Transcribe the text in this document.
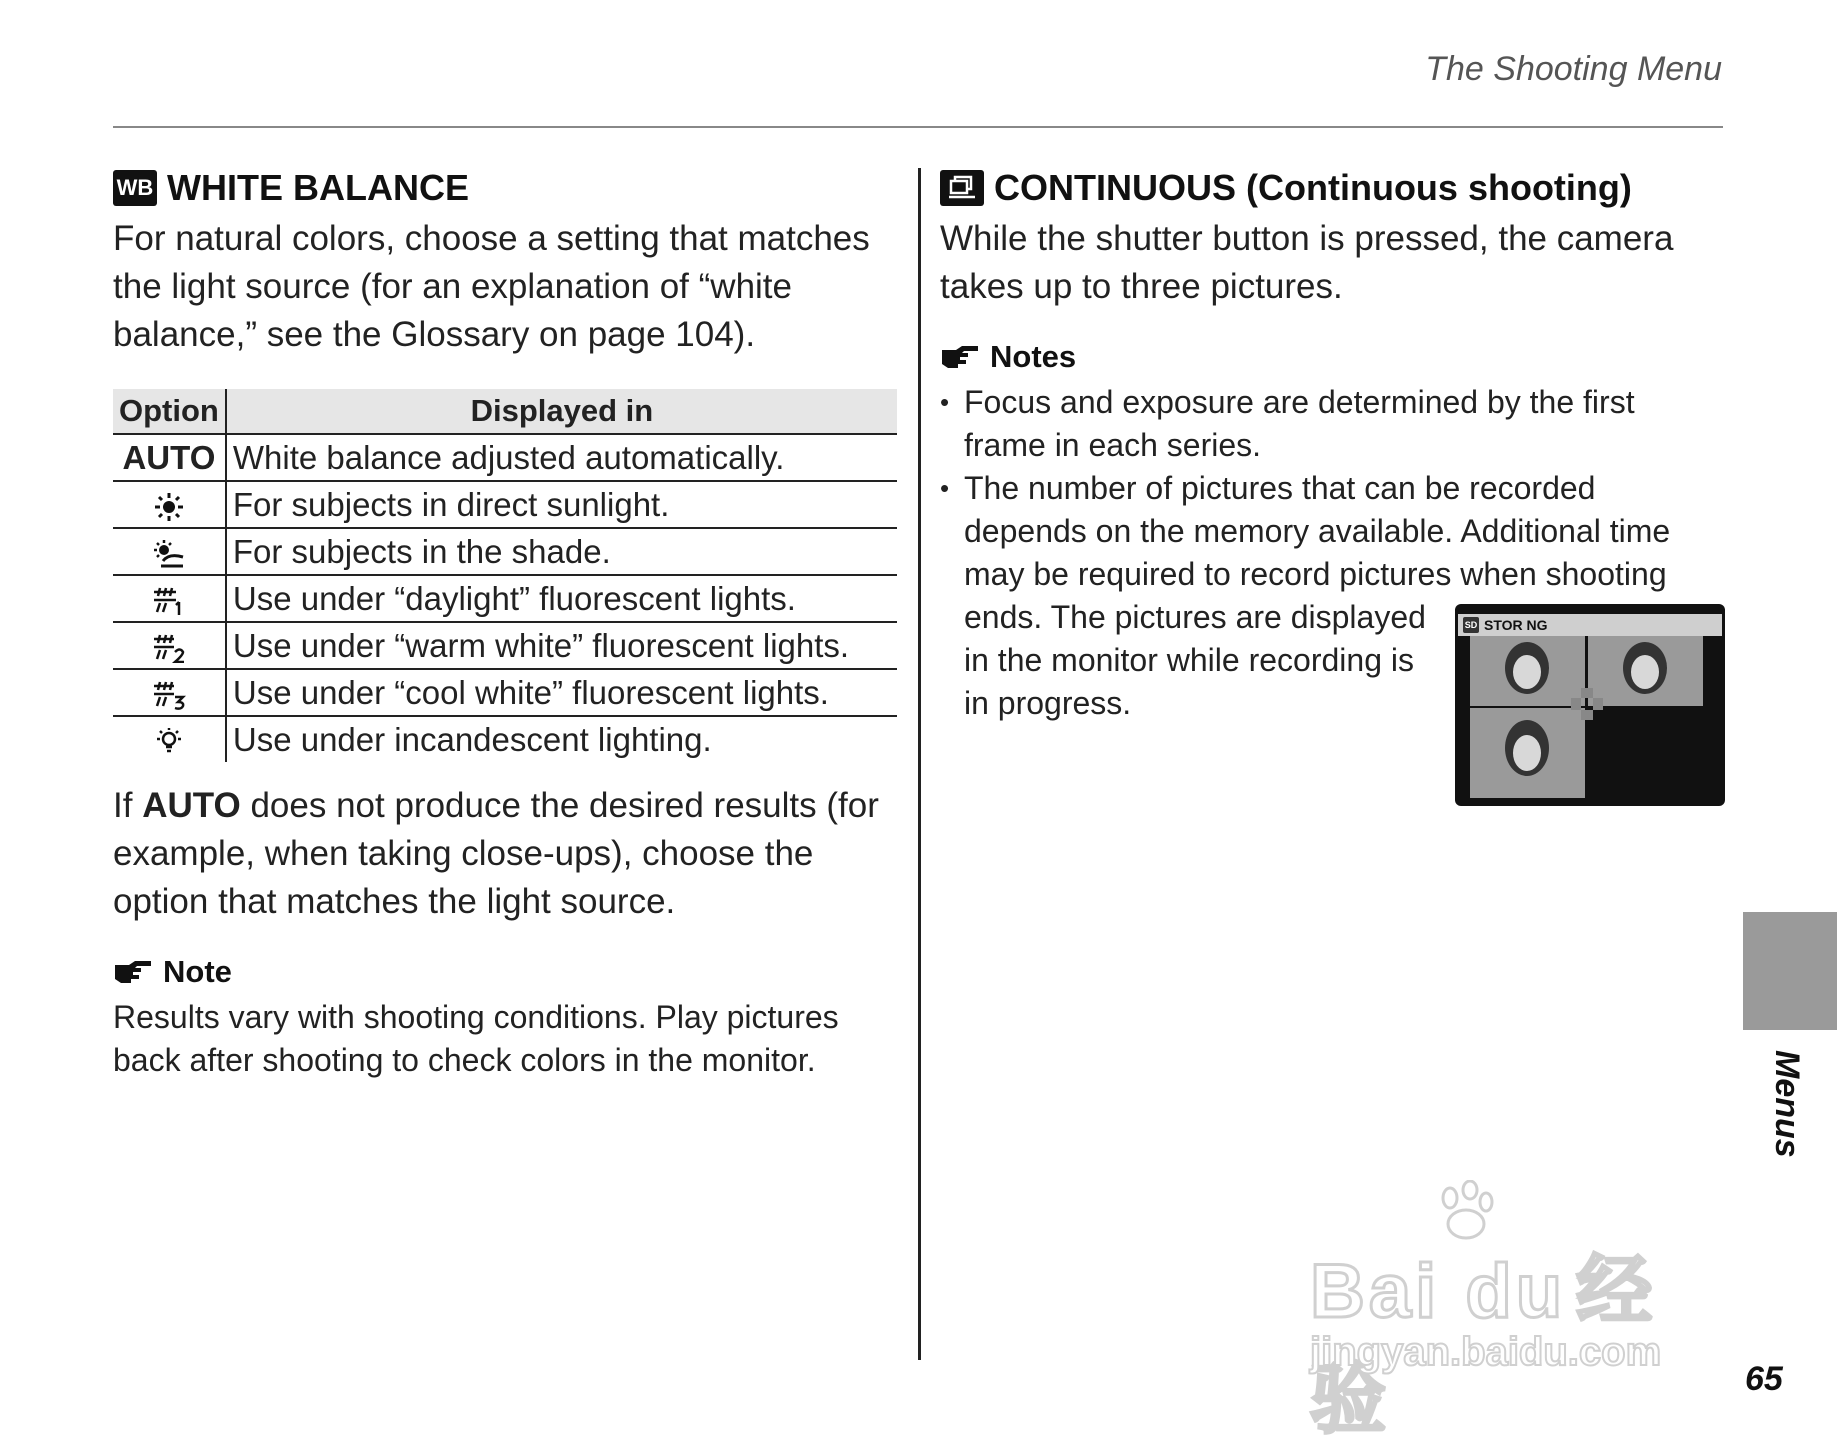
The Shooting Menu
WB WHITE BALANCE

For natural colors, choose a setting that matches the light source (for an explanation of “white balance,” see the Glossary on page 104).

Option	Displayed in
AUTO	White balance adjusted automatically.
	For subjects in direct sunlight.
	For subjects in the shade.
	Use under “daylight” fluorescent lights.
	Use under “warm white” fluorescent lights.
	Use under “cool white” fluorescent lights.
	Use under incandescent lighting.

If AUTO does not produce the desired results (for example, when taking close-ups), choose the option that matches the light source.

Note
Results vary with shooting conditions. Play pictures back after shooting to check colors in the monitor.
CONTINUOUS (Continuous shooting)

While the shutter button is pressed, the camera takes up to three pictures.

Notes
• Focus and exposure are determined by the first frame in each series.
• The number of pictures that can be recorded depends on the memory available. Additional time may be required to record pictures when shooting
ends. The pictures are displayed in the monitor while recording is in progress.
SD STOR NG
Menus
65
Bai du 经验
jingyan.baidu.com
